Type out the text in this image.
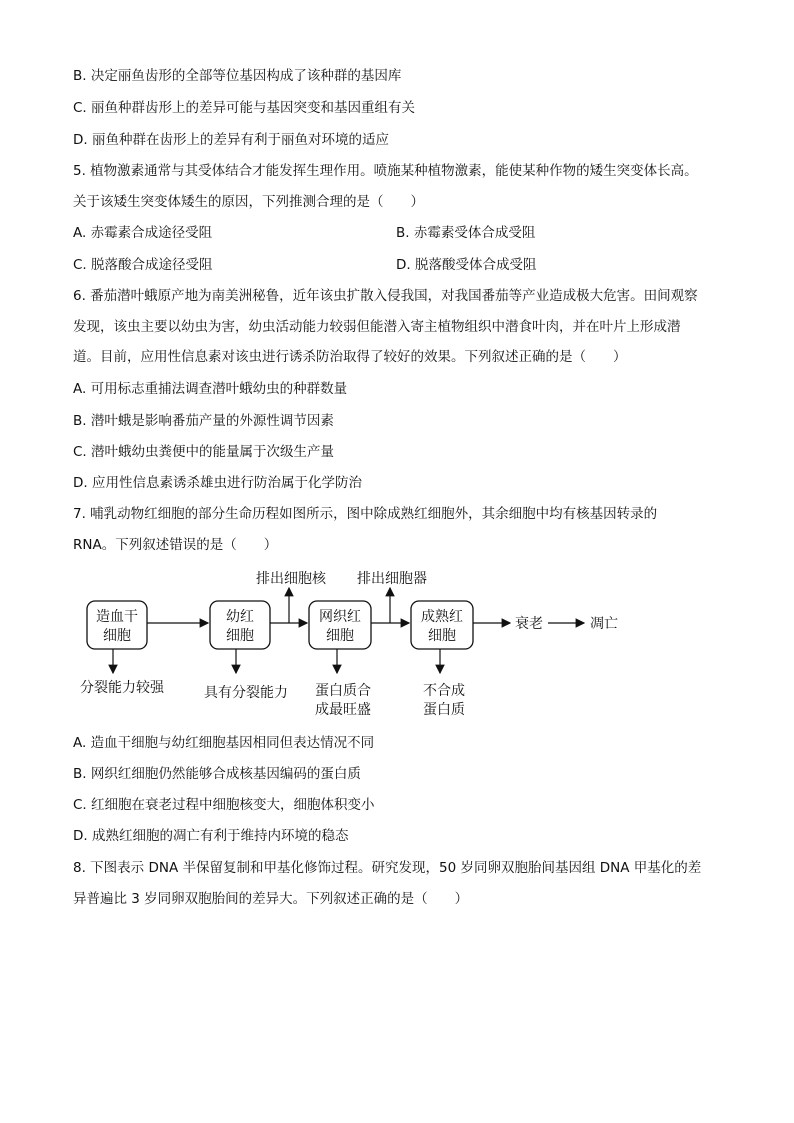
B. 决定丽鱼齿形的全部等位基因构成了该种群的基因库
C. 丽鱼种群齿形上的差异可能与基因突变和基因重组有关
D. 丽鱼种群在齿形上的差异有利于丽鱼对环境的适应
5. 植物激素通常与其受体结合才能发挥生理作用。喷施某种植物激素，能使某种作物的矮生突变体长高。
关于该矮生突变体矮生的原因，下列推测合理的是（　　）
A. 赤霉素合成途径受阻	B. 赤霉素受体合成受阻
C. 脱落酸合成途径受阻	D. 脱落酸受体合成受阻
6. 番茄潜叶蛾原产地为南美洲秘鲁，近年该虫扩散入侵我国，对我国番茄等产业造成极大危害。田间观察
发现，该虫主要以幼虫为害，幼虫活动能力较弱但能潜入寄主植物组织中潜食叶肉，并在叶片上形成潜
道。目前，应用性信息素对该虫进行诱杀防治取得了较好的效果。下列叙述正确的是（　　）
A. 可用标志重捕法调查潜叶蛾幼虫的种群数量
B. 潜叶蛾是影响番茄产量的外源性调节因素
C. 潜叶蛾幼虫粪便中的能量属于次级生产量
D. 应用性信息素诱杀雄虫进行防治属于化学防治
7. 哺乳动物红细胞的部分生命历程如图所示，图中除成熟红细胞外，其余细胞中均有核基因转录的
RNA。下列叙述错误的是（　　）
造血干
细胞
幼红
细胞
网织红
细胞
成熟红
细胞
衰老	凋亡
排出细胞核 排出细胞器
分裂能力较强	具有分裂能力 蛋白质合
成最旺盛
不合成
蛋白质
A. 造血干细胞与幼红细胞基因相同但表达情况不同
B. 网织红细胞仍然能够合成核基因编码的蛋白质
C. 红细胞在衰老过程中细胞核变大，细胞体积变小
D. 成熟红细胞的凋亡有利于维持内环境的稳态
8. 下图表示 DNA 半保留复制和甲基化修饰过程。研究发现，50 岁同卵双胞胎间基因组 DNA 甲基化的差
异普遍比 3 岁同卵双胞胎间的差异大。下列叙述正确的是（　　）
